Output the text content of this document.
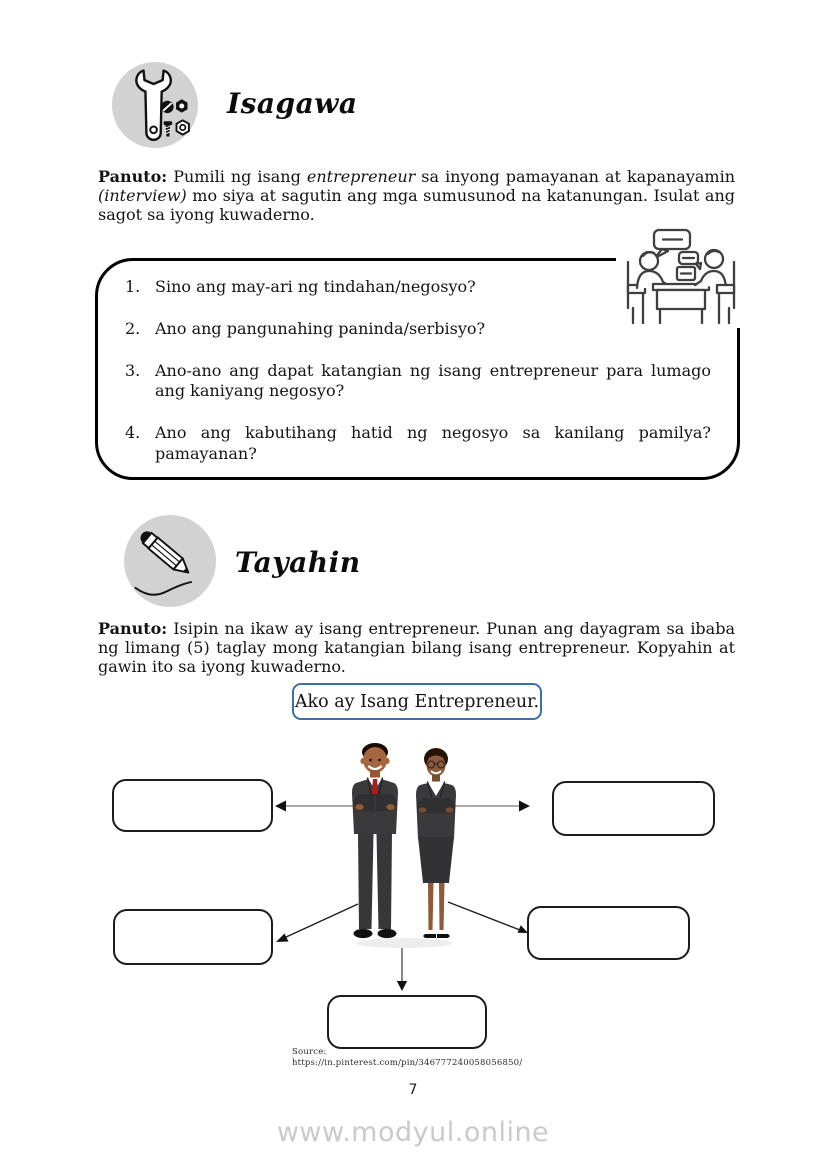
Isagawa
Panuto: Pumili ng isang entrepreneur sa inyong pamayanan at kapanayamin (interview) mo siya at sagutin ang mga sumusunod na katanungan. Isulat ang sagot sa iyong kuwaderno.
1. Sino ang may-ari ng tindahan/negosyo?
2. Ano ang pangunahing paninda/serbisyo?
3. Ano-ano ang dapat katangian ng isang entrepreneur para lumago ang kaniyang negosyo?
4. Ano ang kabutihang hatid ng negosyo sa kanilang pamilya? pamayanan?
Tayahin
Panuto: Isipin na ikaw ay isang entrepreneur. Punan ang dayagram sa ibaba ng limang (5) taglay mong katangian bilang isang entrepreneur. Kopyahin at gawin ito sa iyong kuwaderno.
Ako ay Isang Entrepreneur.
Source:
https://in.pinterest.com/pin/346777240058056850/
7
www.modyul.online
